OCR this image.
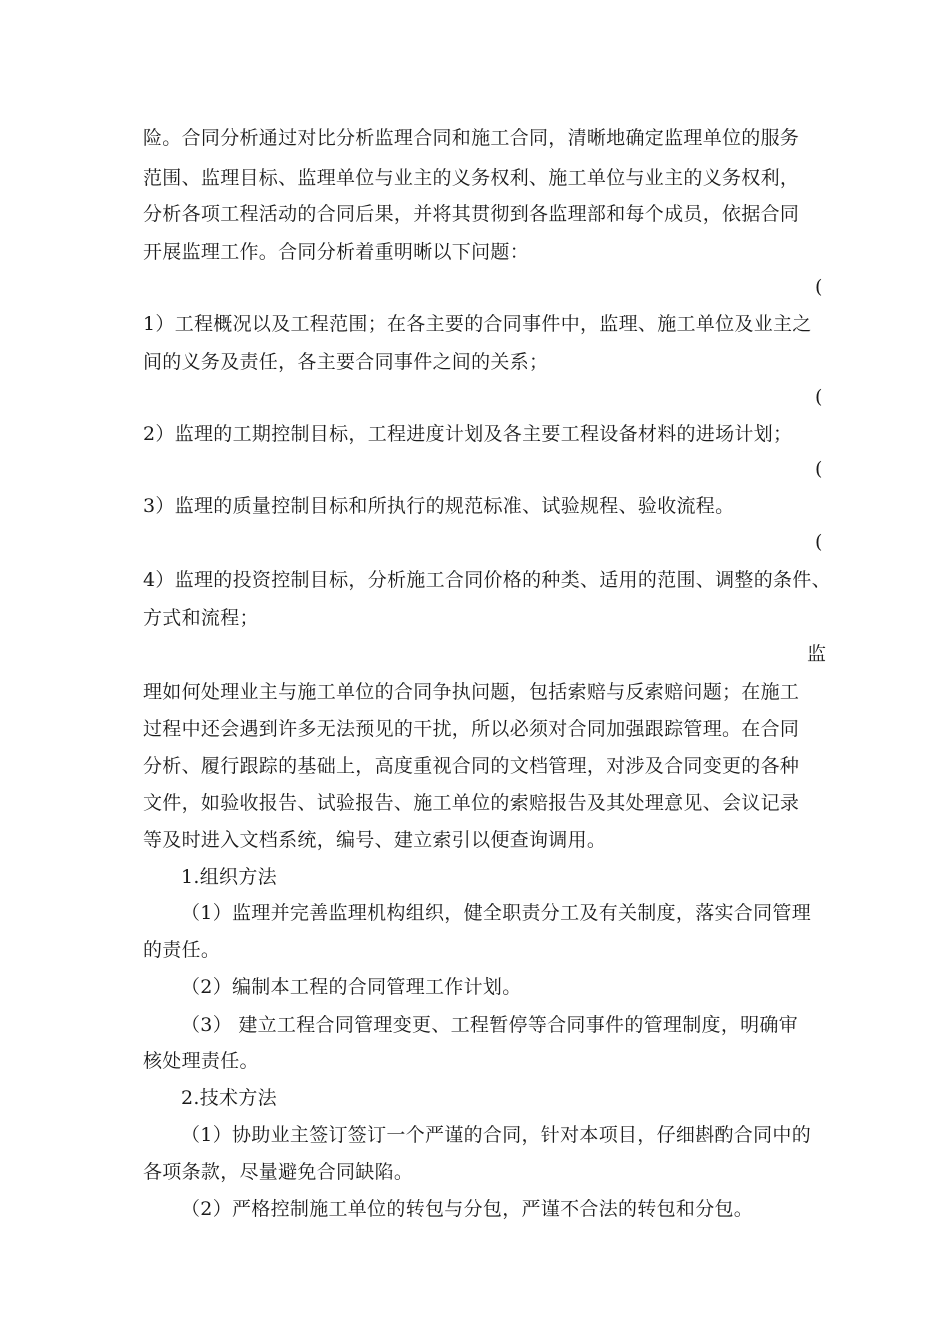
险。合同分析通过对比分析监理合同和施工合同，清晰地确定监理单位的服务
范围、监理目标、监理单位与业主的义务权利、施工单位与业主的义务权利，
分析各项工程活动的合同后果，并将其贯彻到各监理部和每个成员，依据合同
开展监理工作。合同分析着重明晰以下问题：
(
1）工程概况以及工程范围；在各主要的合同事件中，监理、施工单位及业主之
间的义务及责任，各主要合同事件之间的关系；
(
2）监理的工期控制目标，工程进度计划及各主要工程设备材料的进场计划；
(
3）监理的质量控制目标和所执行的规范标准、试验规程、验收流程。
(
4）监理的投资控制目标，分析施工合同价格的种类、适用的范围、调整的条件、
方式和流程；
监
理如何处理业主与施工单位的合同争执问题，包括索赔与反索赔问题；在施工
过程中还会遇到许多无法预见的干扰，所以必须对合同加强跟踪管理。在合同
分析、履行跟踪的基础上，高度重视合同的文档管理，对涉及合同变更的各种
文件，如验收报告、试验报告、施工单位的索赔报告及其处理意见、会议记录
等及时进入文档系统，编号、建立索引以便查询调用。
1.组织方法
（1）监理并完善监理机构组织，健全职责分工及有关制度，落实合同管理
的责任。
（2）编制本工程的合同管理工作计划。
（3） 建立工程合同管理变更、工程暂停等合同事件的管理制度，明确审
核处理责任。
2.技术方法
（1）协助业主签订签订一个严谨的合同，针对本项目，仔细斟酌合同中的
各项条款，尽量避免合同缺陷。
（2）严格控制施工单位的转包与分包，严谨不合法的转包和分包。
